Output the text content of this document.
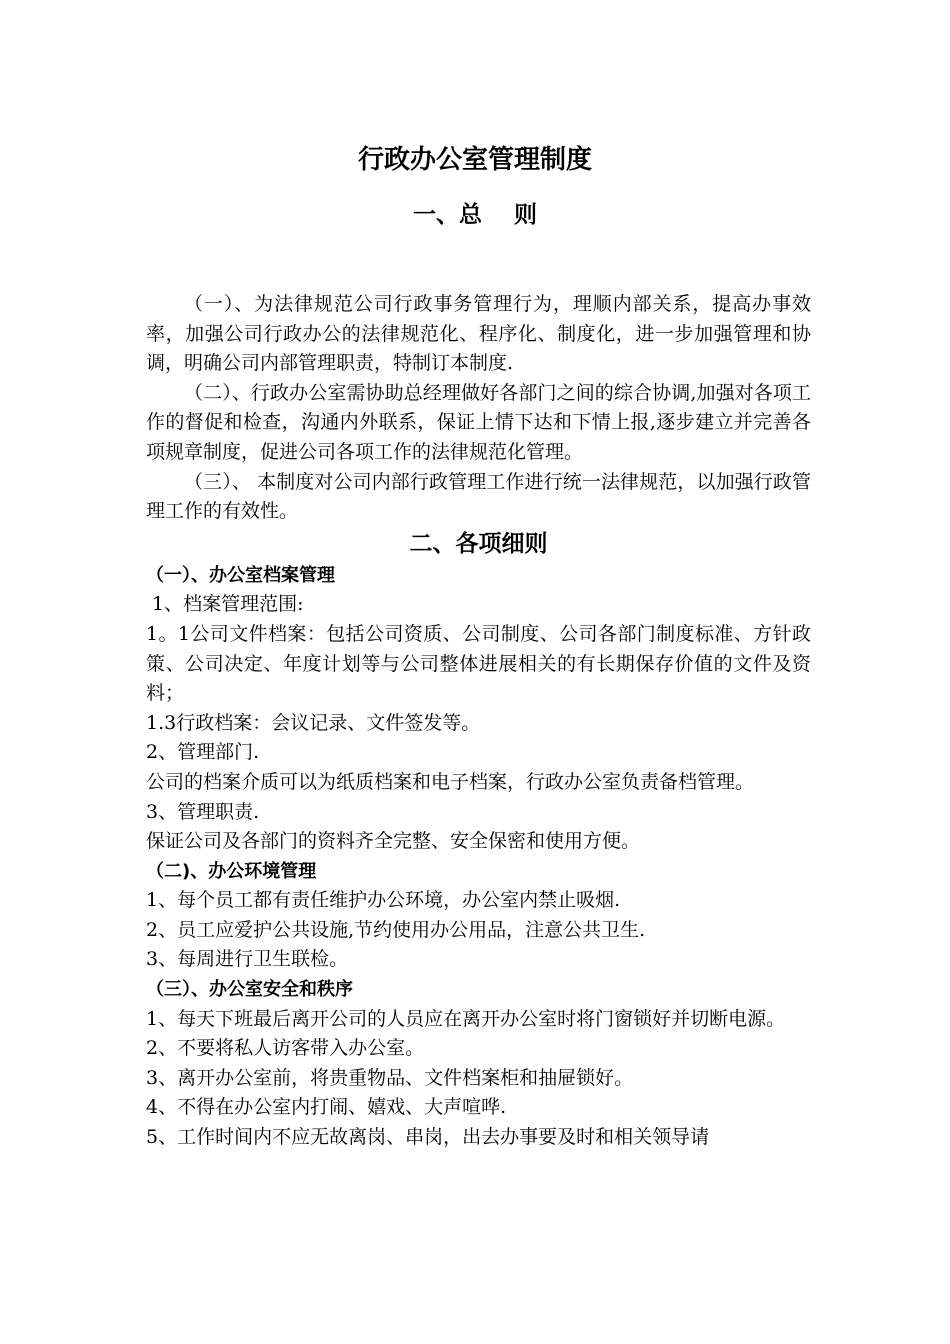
行政办公室管理制度
一、总    则

（一）、为法律规范公司行政事务管理行为，理顺内部关系，提高办事效率，加强公司行政办公的法律规范化、程序化、制度化，进一步加强管理和协调，明确公司内部管理职责，特制订本制度.

（二）、行政办公室需协助总经理做好各部门之间的综合协调,加强对各项工作的督促和检查，沟通内外联系，保证上情下达和下情上报,逐步建立并完善各项规章制度，促进公司各项工作的法律规范化管理。

（三）、 本制度对公司内部行政管理工作进行统一法律规范，以加强行政管理工作的有效性。

二、各项细则

（一）、办公室档案管理

1、档案管理范围:

1。1公司文件档案：包括公司资质、公司制度、公司各部门制度标准、方针政策、公司决定、年度计划等与公司整体进展相关的有长期保存价值的文件及资料；

1.3行政档案：会议记录、文件签发等。

2、管理部门.

公司的档案介质可以为纸质档案和电子档案，行政办公室负责备档管理。

3、管理职责.

保证公司及各部门的资料齐全完整、安全保密和使用方便。

（二)、办公环境管理

1、每个员工都有责任维护办公环境，办公室内禁止吸烟.

2、员工应爱护公共设施,节约使用办公用品，注意公共卫生.

3、每周进行卫生联检。

（三）、办公室安全和秩序

1、每天下班最后离开公司的人员应在离开办公室时将门窗锁好并切断电源。

2、不要将私人访客带入办公室。

3、离开办公室前，将贵重物品、文件档案柜和抽屉锁好。

4、不得在办公室内打闹、嬉戏、大声喧哗.

5、工作时间内不应无故离岗、串岗，出去办事要及时和相关领导请
